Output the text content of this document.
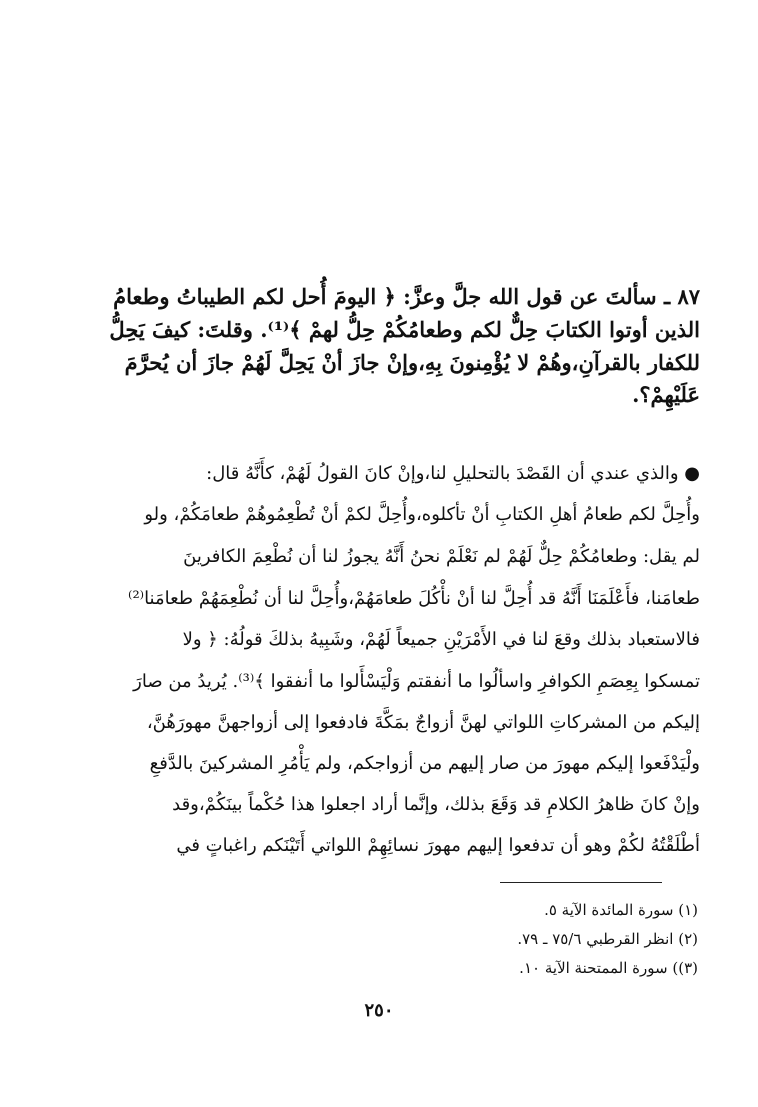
٨٧ ـ سألتَ عن قول الله جلَّ وعزَّ: ﴿ اليومَ أُحل لكم الطيباتُ وطعامُ
الذين أوتوا الكتابَ حِلٌّ لكم وطعامُكُمْ حِلُّ لهمْ ﴾⁽¹⁾. وقلتَ: كيفَ يَحِلُّ
للكفار بالقرآنِ،وهُمْ لا يُؤْمِنونَ بِهِ،وإنْ جازَ أنْ يَحِلَّ لَهُمْ جازَ أن يُحرَّمَ
عَلَيْهِمْ؟.
● والذي عندي أن القَصْدَ بالتحليلِ لنا،وإنْ كانَ القولُ لَهُمْ، كأَنَّهُ قال:
وأُحِلَّ لكم طعامُ أهلِ الكتابِ أنْ تأكلوه،وأُحِلَّ لكمْ أنْ تُطْعِمُوهُمْ طعامَكُمْ، ولو
لم يقل: وطعامُكُمْ حِلٌّ لَهُمْ لم نَعْلَمْ نحنُ أَنَّهُ يجوزُ لنا أن نُطْعِمَ الكافرينَ
طعامَنا، فأَعْلَمَنَا أَنَّهُ قد أُحِلَّ لنا أنْ نأْكُلَ طعامَهُمْ،وأُحِلَّ لنا أن نُطْعِمَهُمْ طعامَنا⁽²⁾
فالاستعباد بذلك وقعَ لنا في الأَمْرَيْنِ جميعاً لَهُمْ، وشَبِيهُ بذلكَ قولُهُ: ﴿ ولا
تمسكوا بِعِصَمِ الكوافرِ واسألُوا ما أنفقتم وَلْيَسْأَلوا ما أنفقوا ﴾⁽³⁾. يُريدُ من صارَ
إليكم من المشركاتِ اللواتي لهنَّ أزواجٌ بمَكَّةَ فادفعوا إلى أزواجهنَّ مهورَهُنَّ،
ولْيَدْفَعوا إليكم مهورَ من صار إليهم من أزواجكم، ولم يَأْمُرِ المشركينَ بالدَّفعِ
وإنْ كانَ ظاهرُ الكلامِ قد وَقَعَ بذلك، وإنَّما أراد اجعلوا هذا حُكْماً بينَكُمْ،وقد
أطْلَقْتُهُ لكُمْ وهو أن تدفعوا إليهم مهورَ نسائِهِمْ اللواتي أَتَيْنَكم راغباتٍ في
(١) سورة المائدة الآية ٥.
(٢) انظر القرطبي ٧٥/٦ ـ ٧٩.
(٣)) سورة الممتحنة الآية ١٠.
٢٥٠
